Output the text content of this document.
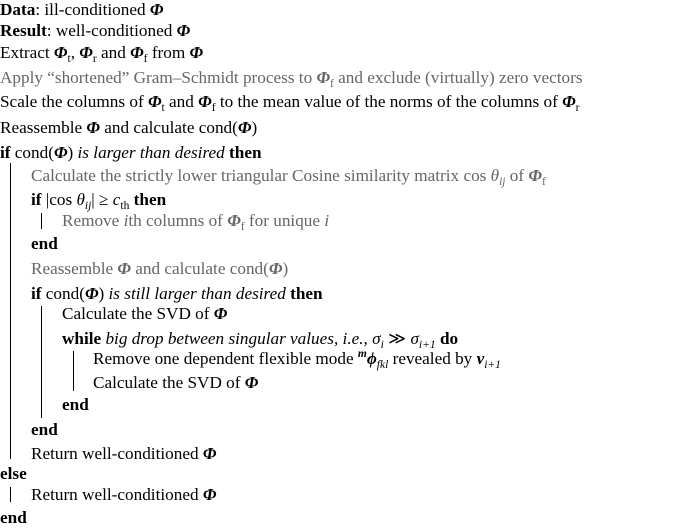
Data: ill-conditioned Φ
Result: well-conditioned Φ
Extract $\Phi_t$, $\Phi_r$ and $\Phi_f$ from Φ
Apply “shortened” Gram–Schmidt process to $\Phi_f$ and exclude (virtually) zero vectors
Scale the columns of $\Phi_t$ and $\Phi_f$ to the mean value of the norms of the columns of $\Phi_r$
Reassemble Φ and calculate cond(Φ)
if cond(Φ) is larger than desired then
Calculate the strictly lower triangular Cosine similarity matrix $\cos \theta_{ij}$ of $\Phi_f$
if |cos $\theta_{ij}| \ge c_{th}$ then
Remove ith columns of $\Phi_f$ for unique i
end
Reassemble Φ and calculate cond(Φ)
if cond(Φ) is still larger than desired then
Calculate the SVD of Φ
while big drop between singular values, i.e., $\sigma_i$ ≫ $\sigma_{i+1}$ do
Remove one dependent flexible mode $^m\phi_{fkl}$ revealed by $v_{i+1}$
Calculate the SVD of Φ
end
end
Return well-conditioned Φ
else
Return well-conditioned Φ
end
